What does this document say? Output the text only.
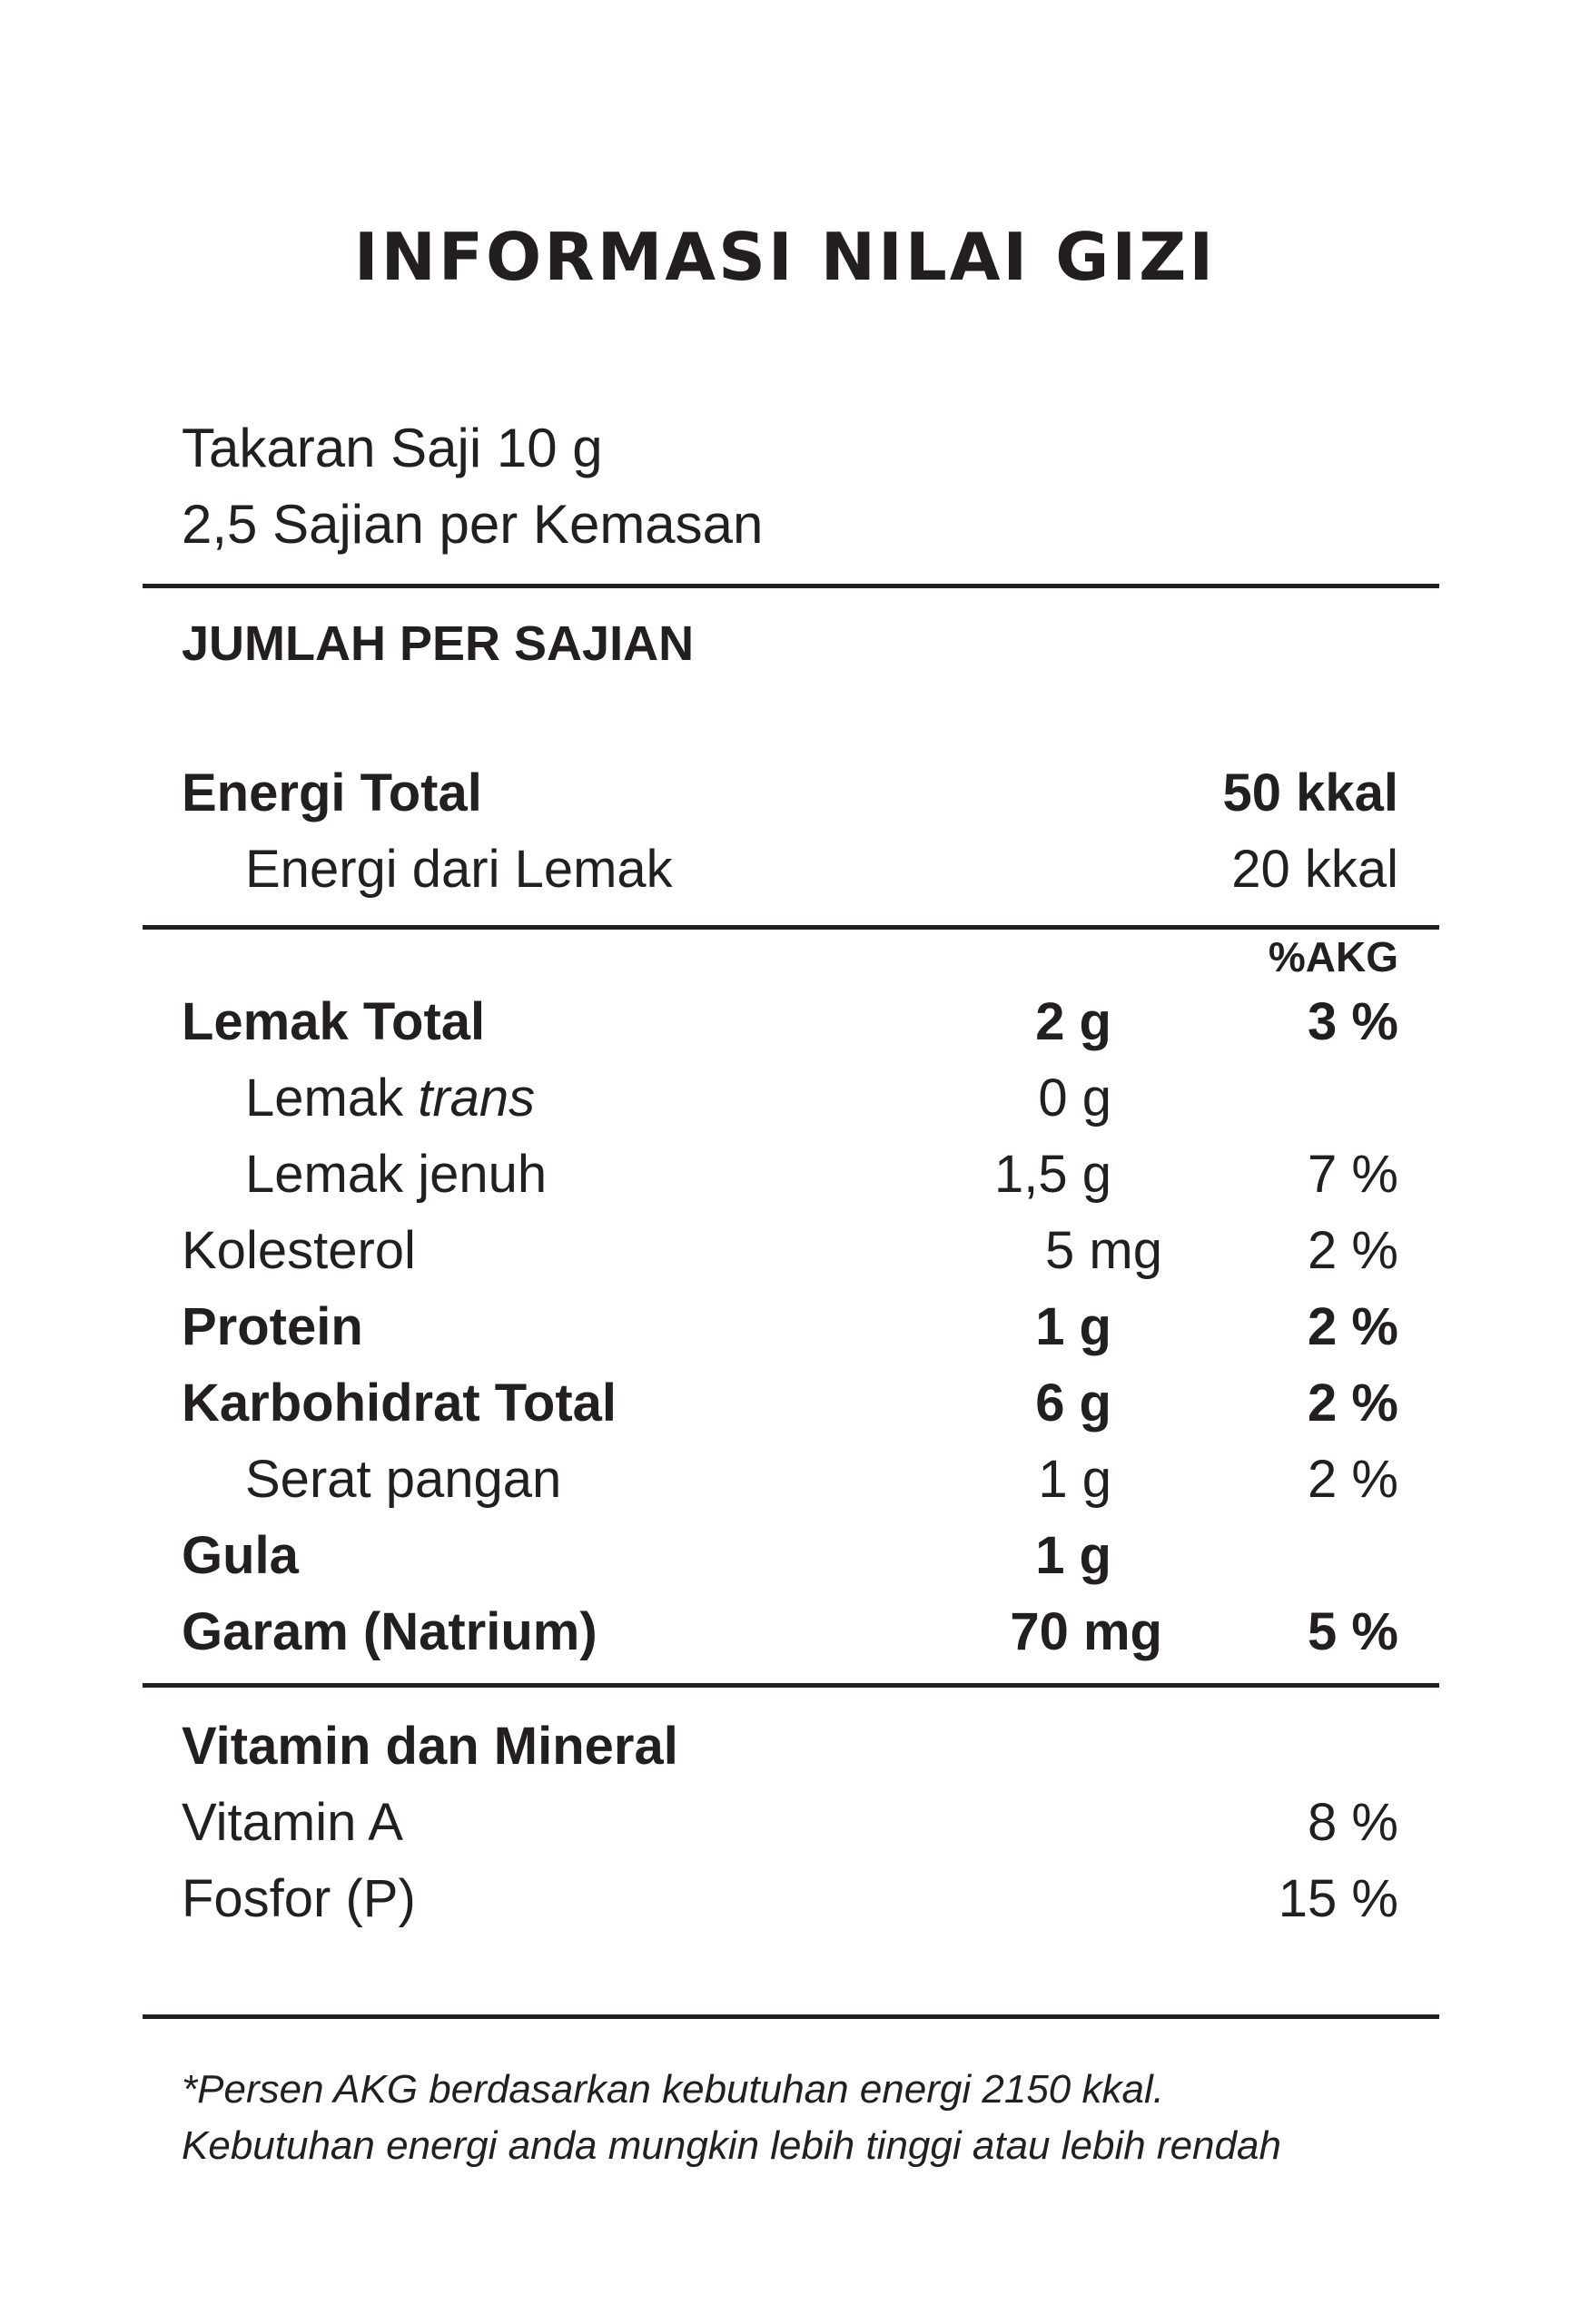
INFORMASI NILAI GIZI
Takaran Saji 10 g
2,5 Sajian per Kemasan
JUMLAH PER SAJIAN
Energi Total	50 kkal
Energi dari Lemak	20 kkal
%AKG
Lemak Total	2 g	3 %
Lemak trans	0 g
Lemak jenuh	1,5 g	7 %
Kolesterol	5 mg	2 %
Protein	1 g	2 %
Karbohidrat Total	6 g	2 %
Serat pangan	1 g	2 %
Gula	1 g
Garam (Natrium)	70 mg	5 %
Vitamin dan Mineral
Vitamin A	8 %
Fosfor (P)	15 %
*Persen AKG berdasarkan kebutuhan energi 2150 kkal.
Kebutuhan energi anda mungkin lebih tinggi atau lebih rendah
